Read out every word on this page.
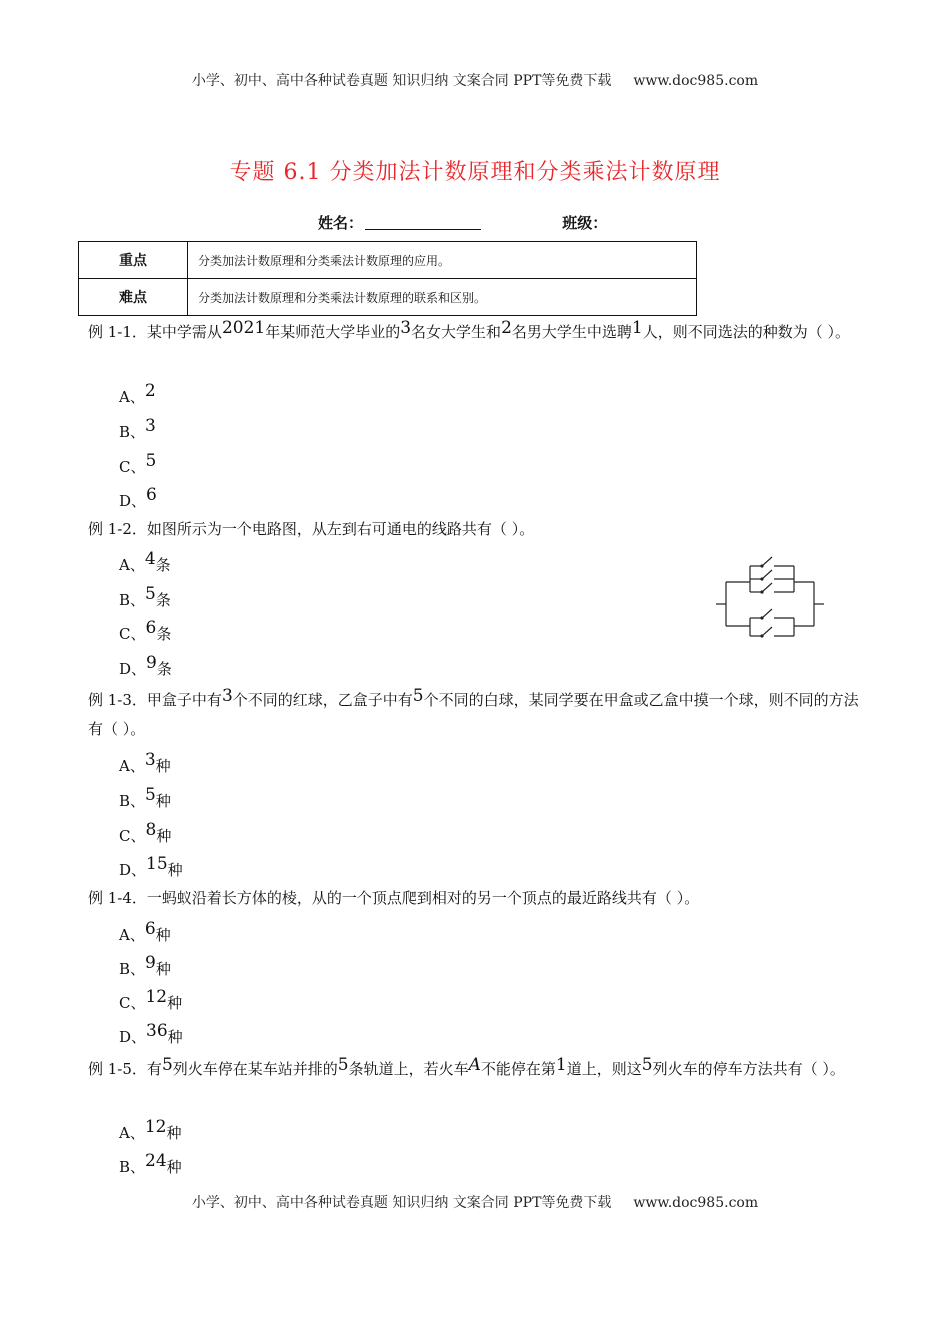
小学、初中、高中各种试卷真题 知识归纳 文案合同 PPT等免费下载 www.doc985.com
专题 6.1 分类加法计数原理和分类乘法计数原理
姓名：	班级：
重点	分类加法计数原理和分类乘法计数原理的应用。
难点	分类加法计数原理和分类乘法计数原理的联系和区别。
例 1-1．某中学需从2021年某师范大学毕业的3名女大学生和2名男大学生中选聘1人，则不同选法的种数为（ ）。
A、2
B、3
C、5
D、6
例 1-2．如图所示为一个电路图，从左到右可通电的线路共有（ ）。
A、4条
B、5条
C、6条
D、9条
例 1-3．甲盒子中有3个不同的红球，乙盒子中有5个不同的白球，某同学要在甲盒或乙盒中摸一个球，则不同的方法有（ ）。
A、3种
B、5种
C、8种
D、15种
例 1-4．一蚂蚁沿着长方体的棱，从的一个顶点爬到相对的另一个顶点的最近路线共有（ ）。
A、6种
B、9种
C、12种
D、36种
例 1-5．有5列火车停在某车站并排的5条轨道上，若火车A不能停在第1道上，则这5列火车的停车方法共有（ ）。
A、12种
B、24种
小学、初中、高中各种试卷真题 知识归纳 文案合同 PPT等免费下载 www.doc985.com
